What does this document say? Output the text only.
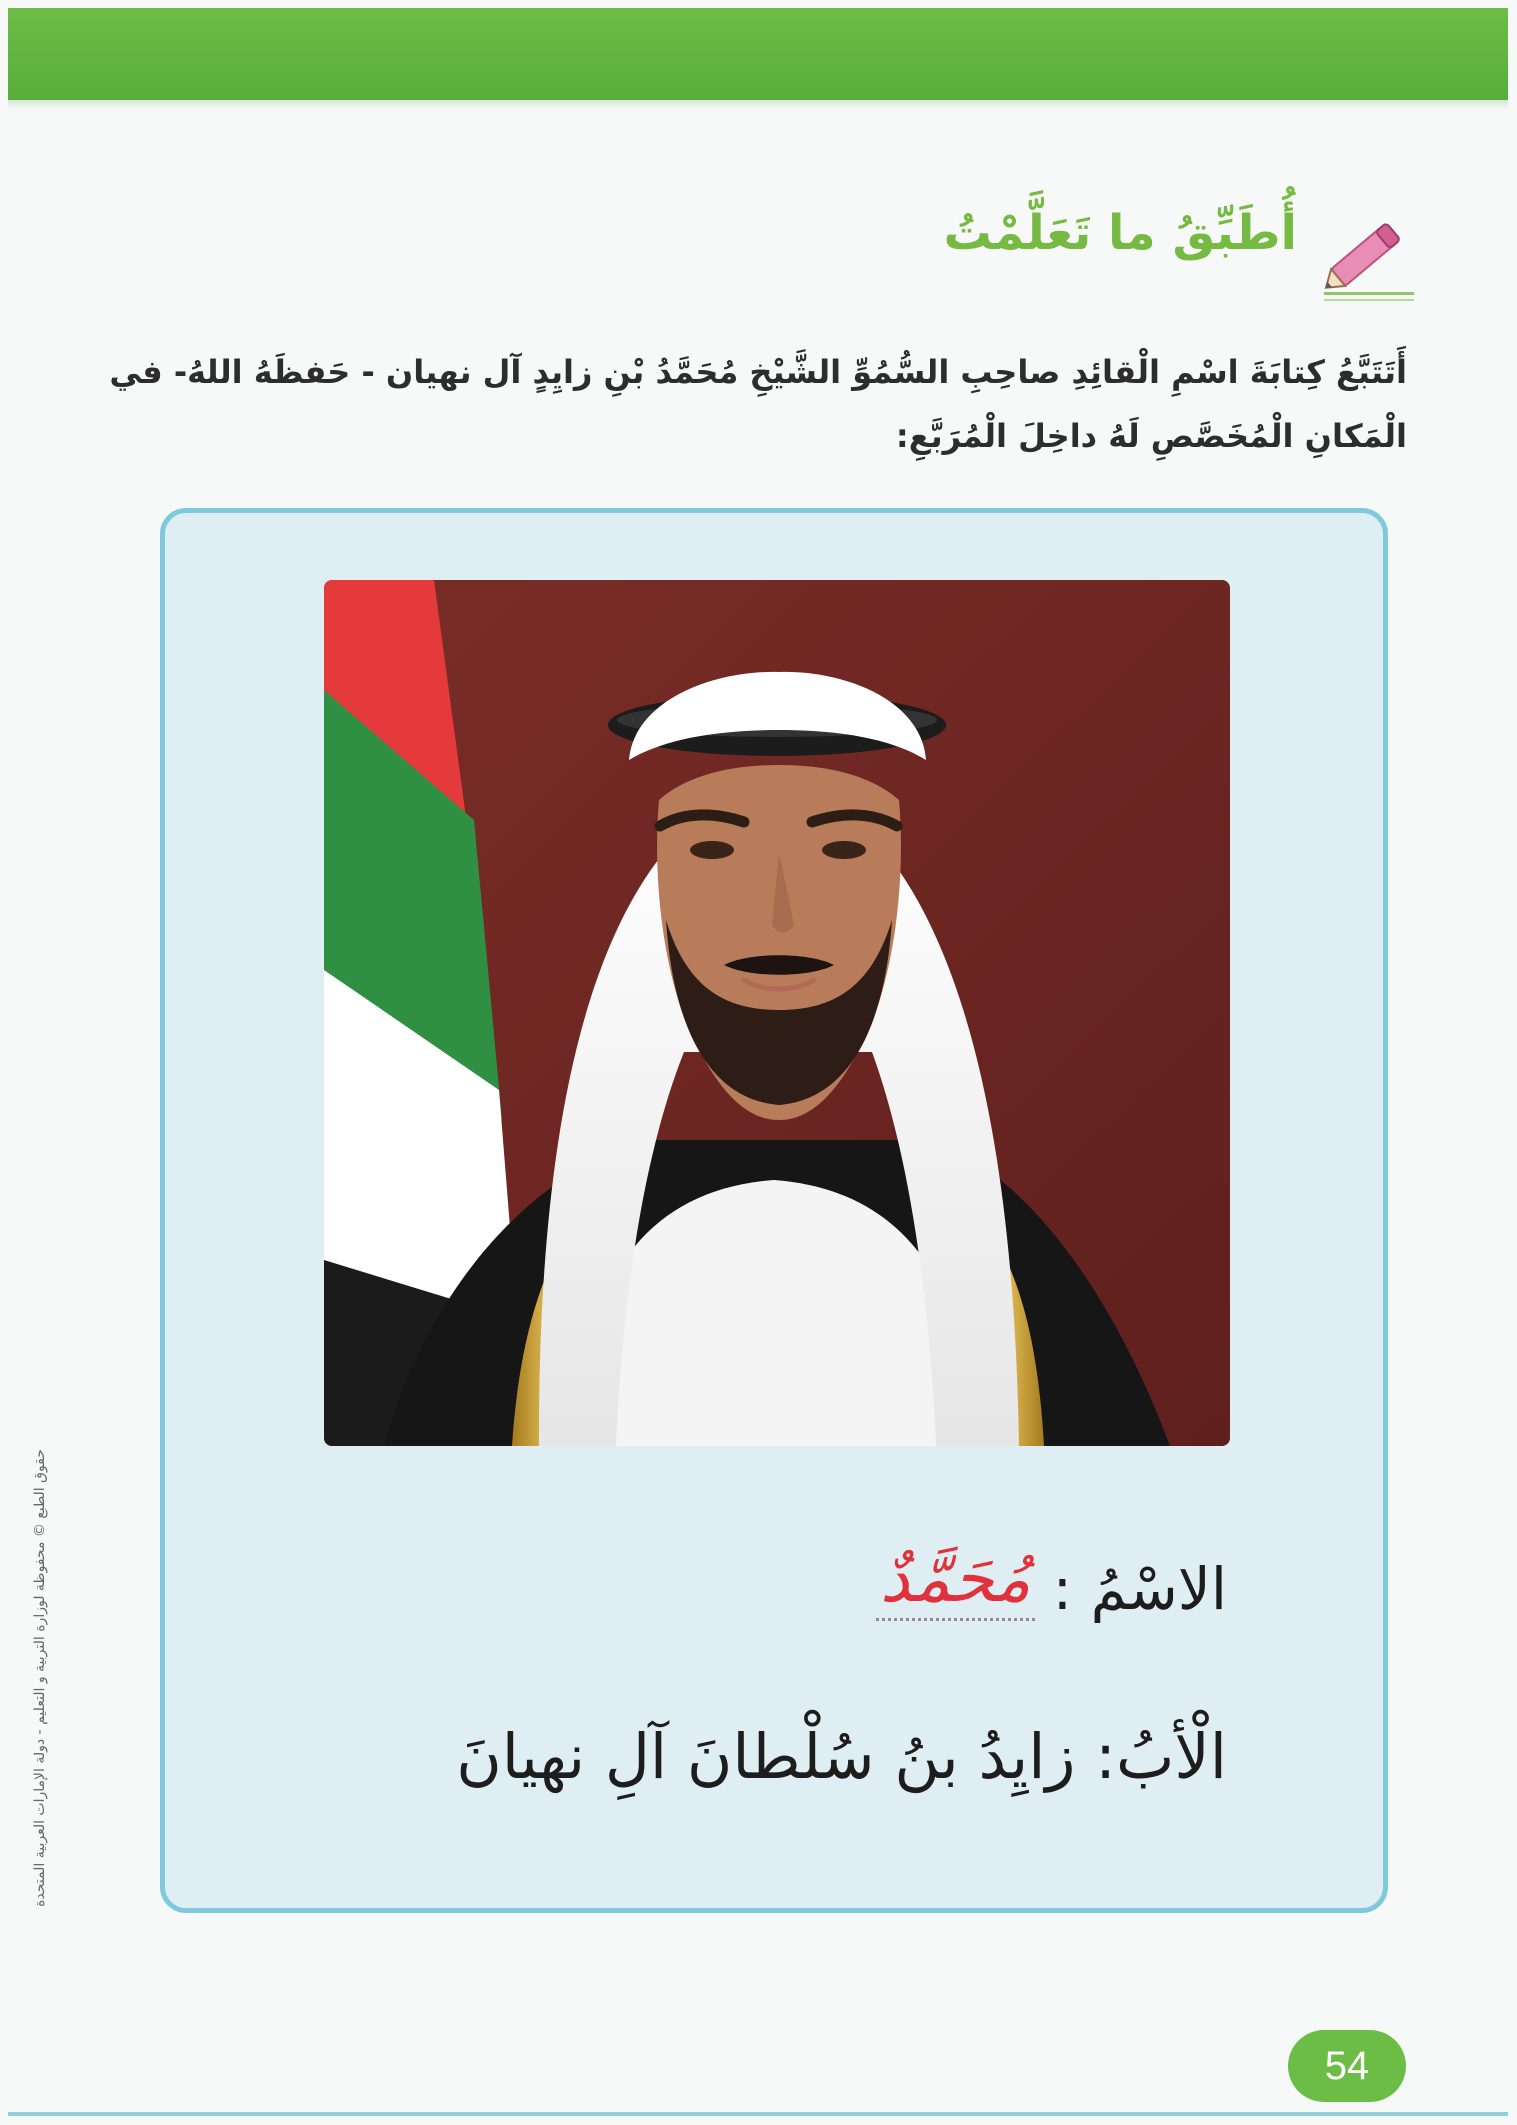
أُطَبِّقُ ما تَعَلَّمْتُ
أَتَتَبَّعُ كِتابَةَ اسْمِ الْقائِدِ صاحِبِ السُّمُوِّ الشَّيْخِ مُحَمَّدُ بْنِ زايِدٍ آل نهيان - حَفظَهُ اللهُ- في الْمَكانِ الْمُخَصَّصِ لَهُ داخِلَ الْمُرَبَّعِ:
الاسْمُ :
مُحَمَّدٌ
الْأبُ: زايِدُ بنُ سُلْطانَ آلِ نهيانَ
حقوق الطبع © محفوظة لوزارة التربية و التعليم - دولة الإمارات العربية المتحدة
54
